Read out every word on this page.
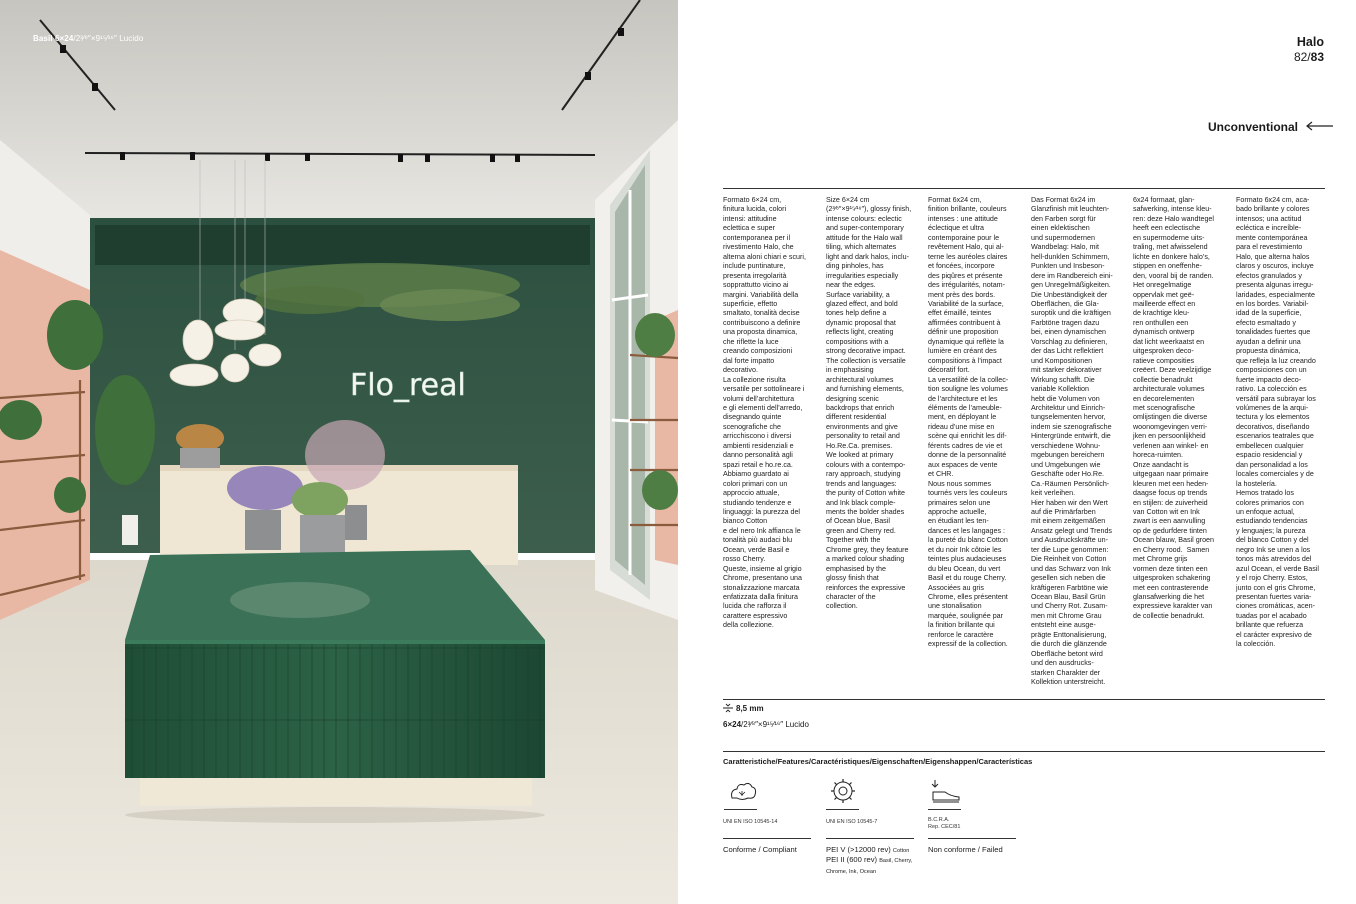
Flo_real
Basil 6×24/2³⁄⁸″×9¹⁵⁄¹⁶″ Lucido	Halo
82/83
Unconventional
Formato 6×24 cm,
finitura lucida, colori
intensi: attitudine
eclettica e super
contemporanea per il
rivestimento Halo, che
alterna aloni chiari e scuri,
include puntinature,
presenta irregolarità
sopprattutto vicino ai
margini. Variabilità della
superficie, effetto
smaltato, tonalità decise
contribuiscono a definire
una proposta dinamica,
che riflette la luce
creando composizioni
dal forte impatto
decorativo.
La collezione risulta
versatile per sottolineare i
volumi dell’architettura
e gli elementi dell’arredo,
disegnando quinte
scenografiche che
arricchiscono i diversi
ambienti residenziali e
danno personalità agli
spazi retail e ho.re.ca.
Abbiamo guardato ai
colori primari con un
approccio attuale,
studiando tendenze e
linguaggi: la purezza del
bianco Cotton
e del nero Ink affianca le
tonalità più audaci blu
Ocean, verde Basil e
rosso Cherry.
Queste, insieme al grigio
Chrome, presentano una
stonalizzazione marcata
enfatizzata dalla finitura
lucida che rafforza il
carattere espressivo
della collezione.
Size 6×24 cm
(2³⁄⁸″×9¹⁵⁄¹⁶″), glossy finish,
intense colours: eclectic
and super-contemporary
attitude for the Halo wall
tiling, which alternates
light and dark halos, inclu-
ding pinholes, has
irregularities especially
near the edges.
Surface variability, a
glazed effect, and bold
tones help define a
dynamic proposal that
reflects light, creating
compositions with a
strong decorative impact.
The collection is versatile
in emphasising
architectural volumes
and furnishing elements,
designing scenic
backdrops that enrich
different residential
environments and give
personality to retail and
Ho.Re.Ca. premises.
We looked at primary
colours with a contempo-
rary approach, studying
trends and languages:
the purity of Cotton white
and Ink black comple-
ments the bolder shades
of Ocean blue, Basil
green and Cherry red.
Together with the
Chrome grey, they feature
a marked colour shading
emphasised by the
glossy finish that
reinforces the expressive
character of the
collection.
Format 6x24 cm,
finition brillante, couleurs
intenses : une attitude
éclectique et ultra
contemporaine pour le
revêtement Halo, qui al-
terne les auréoles claires
et foncées, incorpore
des piqûres et présente
des irrégularités, notam-
ment près des bords.
Variabilité de la surface,
effet émaillé, teintes
affirmées contribuent à
définir une proposition
dynamique qui reflète la
lumière en créant des
compositions à l’impact
décoratif fort.
La versatilité de la collec-
tion souligne les volumes
de l’architecture et les
éléments de l’ameuble-
ment, en déployant le
rideau d’une mise en
scène qui enrichit les dif-
férents cadres de vie et
donne de la personnalité
aux espaces de vente
et CHR.
Nous nous sommes
tournés vers les couleurs
primaires selon une
approche actuelle,
en étudiant les ten-
dances et les langages :
la pureté du blanc Cotton
et du noir Ink côtoie les
teintes plus audacieuses
du bleu Ocean, du vert
Basil et du rouge Cherry.
Associées au gris
Chrome, elles présentent
une stonalisation
marquée, soulignée par
la finition brillante qui
renforce le caractère
expressif de la collection.
Das Format 6x24 im
Glanzfinish mit leuchten-
den Farben sorgt für
einen eklektischen
und supermodernen
Wandbelag: Halo, mit
hell-dunklen Schimmern,
Punkten und Insbeson-
dere im Randbereich eini-
gen Unregelmäßigkeiten.
Die Unbeständigkeit der
Oberflächen, die Gla-
suroptik und die kräftigen
Farbtöne tragen dazu
bei, einen dynamischen
Vorschlag zu definieren,
der das Licht reflektiert
und Kompositionen
mit starker dekorativer
Wirkung schafft. Die
variable Kollektion
hebt die Volumen von
Architektur und Einrich-
tungselementen hervor,
indem sie szenografische
Hintergründe entwirft, die
verschiedene Wohnu-
mgebungen bereichern
und Umgebungen wie
Geschäfte oder Ho.Re.
Ca.-Räumen Persönlich-
keit verleihen.
Hier haben wir den Wert
auf die Primärfarben
mit einem zeitgemäßen
Ansatz gelegt und Trends
und Ausdruckskräfte un-
ter die Lupe genommen:
Die Reinheit von Cotton
und das Schwarz von Ink
gesellen sich neben die
kräftigeren Farbtöne wie
Ocean Blau, Basil Grün
und Cherry Rot. Zusam-
men mit Chrome Grau
entsteht eine ausge-
prägte Enttonalisierung,
die durch die glänzende
Oberfläche betont wird
und den ausdrucks-
starken Charakter der
Kollektion unterstreicht.
6x24 formaat, glan-
safwerking, intense kleu-
ren: deze Halo wandtegel
heeft een eclectische
en supermoderne uits-
traling, met afwisselend
lichte en donkere halo’s,
stippen en oneffenhe-
den, vooral bij de randen.
Het onregelmatige
oppervlak met geë-
mailleerde effect en
de krachtige kleu-
ren onthullen een
dynamisch ontwerp
dat licht weerkaatst en
uitgesproken deco-
ratieve composities
creëert. Deze veelzijdige
collectie benadrukt
architecturale volumes
en decorelementen
met scenografische
omlijstingen die diverse
woonomgevingen verri-
jken en persoonlijkheid
verlenen aan winkel- en
horeca-ruimten.
Onze aandacht is
uitgegaan naar primaire
kleuren met een heden-
daagse focus op trends
en stijlen: de zuiverheid
van Cotton wit en Ink
zwart is een aanvulling
op de gedurfdere tinten
Ocean blauw, Basil groen
en Cherry rood.  Samen
met Chrome grijs
vormen deze tinten een
uitgesproken schakering
met een contrasterende
glansafwerking die het
expressieve karakter van
de collectie benadrukt.
Formato 6x24 cm, aca-
bado brillante y colores
intensos; una actitud
ecléctica e increíble-
mente contemporánea
para el revestimiento
Halo, que alterna halos
claros y oscuros, incluye
efectos granulados y
presenta algunas irregu-
laridades, especialmente
en los bordes. Variabil-
idad de la superficie,
efecto esmaltado y
tonalidades fuertes que
ayudan a definir una
propuesta dinámica,
que refleja la luz creando
composiciones con un
fuerte impacto deco-
rativo. La colección es
versátil para subrayar los
volúmenes de la arqui-
tectura y los elementos
decorativos, diseñando
escenarios teatrales que
embellecen cualquier
espacio residencial y
dan personalidad a los
locales comerciales y de
la hostelería.
Hemos tratado los
colores primarios con
un enfoque actual,
estudiando tendencias
y lenguajes; la pureza
del blanco Cotton y del
negro Ink se unen a los
tonos más atrevidos del
azul Ocean, el verde Basil
y el rojo Cherry. Estos,
junto con el gris Chrome,
presentan fuertes varia-
ciones cromáticas, acen-
tuadas por el acabado
brillante que refuerza
el carácter expresivo de
la colección.
8,5 mm
6×24/2³⁄⁸″×9¹⁵⁄¹⁶″ Lucido
Caratteristiche/Features/Caractéristiques/Eigenschaften/Eigenshappen/Características
UNI EN ISO 10545-14
Conforme / Compliant
UNI EN ISO 10545-7
PEI V (>12000 rev) Cotton
PEI II (600 rev) Basil, Cherry,
Chrome, Ink, Ocean
B.C.R.A.
Rep. CEC/81
Non conforme / Failed
